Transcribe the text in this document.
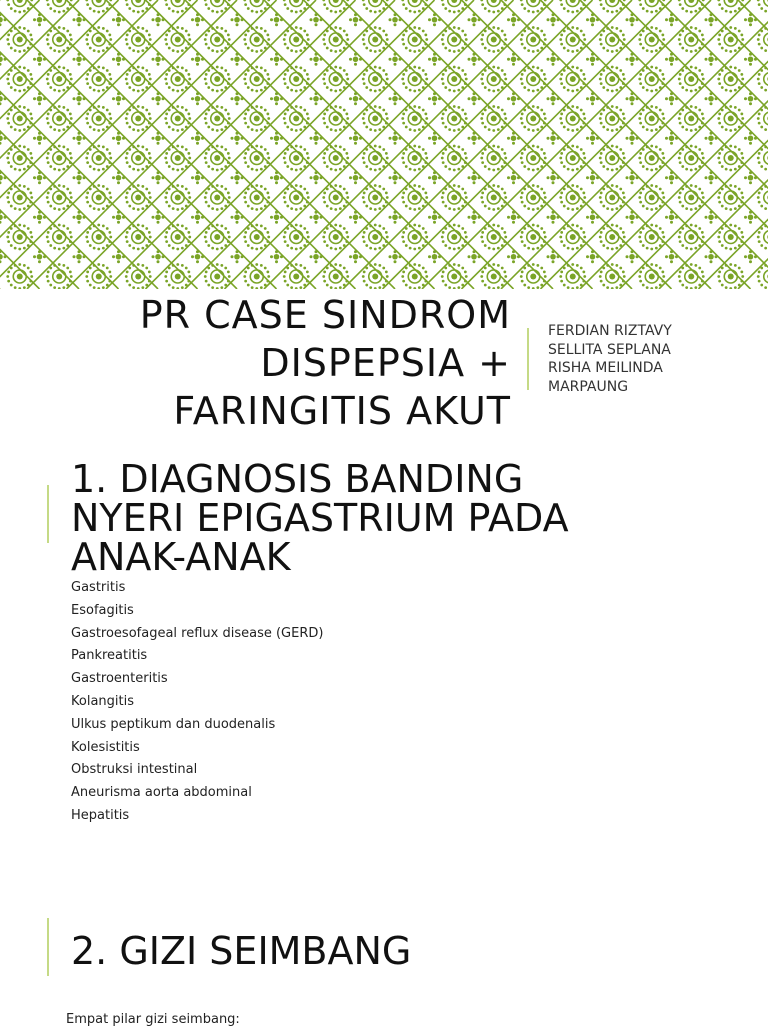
PR CASE SINDROM
DISPEPSIA +
FARINGITIS AKUT
FERDIAN RIZTAVY
SELLITA SEPLANA
RISHA MEILINDA
MARPAUNG
1. DIAGNOSIS BANDING
NYERI EPIGASTRIUM PADA
ANAK-ANAK
Gastritis
Esofagitis
Gastroesofageal reflux disease (GERD)
Pankreatitis
Gastroenteritis
Kolangitis
Ulkus peptikum dan duodenalis
Kolesistitis
Obstruksi intestinal
Aneurisma aorta abdominal
Hepatitis
2. GIZI SEIMBANG
Empat pilar gizi seimbang:
